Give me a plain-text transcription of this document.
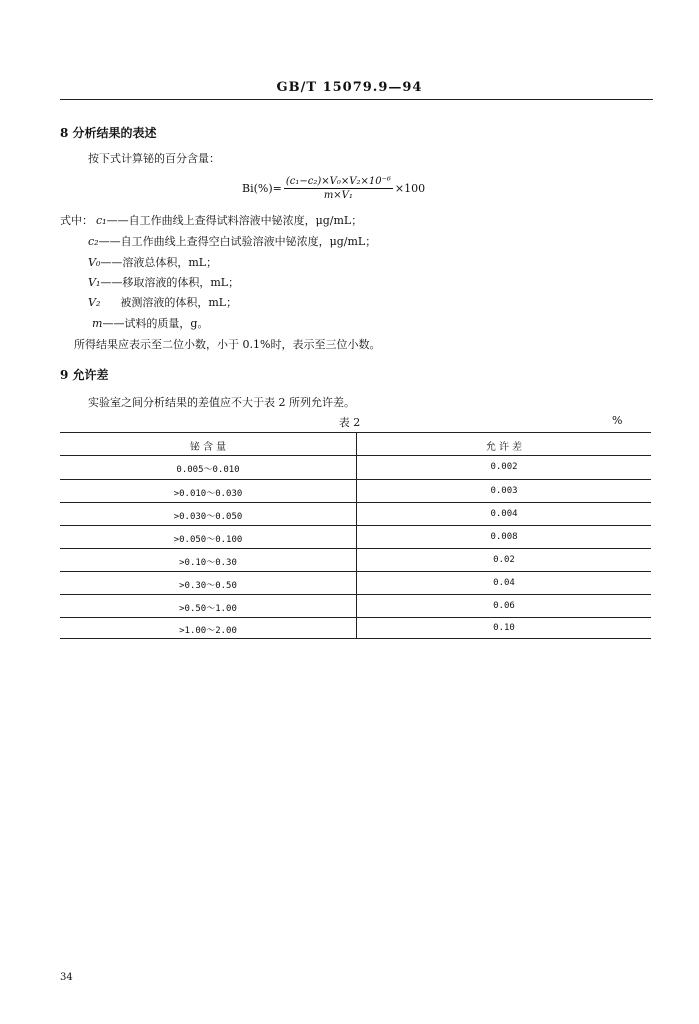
GB/T 15079.9—94
8 分析结果的表述
按下式计算铋的百分含量：
$Bi(\%)= \frac{\text{(c₁−c₂)×V₀×V₂×10⁻⁶}}{\text{m×V₁}} \times 100$
式中： c₁——自工作曲线上查得试料溶液中铋浓度，μg/mL；
c₂——自工作曲线上查得空白试验溶液中铋浓度，μg/mL；
V₀——溶液总体积，mL；
V₁——移取溶液的体积，mL；
V₂ 被测溶液的体积，mL；
m——试料的质量，g。
所得结果应表示至二位小数，小于 0.1%时，表示至三位小数。
9 允许差
实验室之间分析结果的差值应不大于表 2 所列允许差。
表 2	%
铋 含 量	允 许 差
0.005～0.010	0.002
>0.010～0.030	0.003
>0.030～0.050	0.004
>0.050～0.100	0.008
>0.10～0.30	0.02
>0.30～0.50	0.04
>0.50～1.00	0.06
>1.00～2.00	0.10
34
